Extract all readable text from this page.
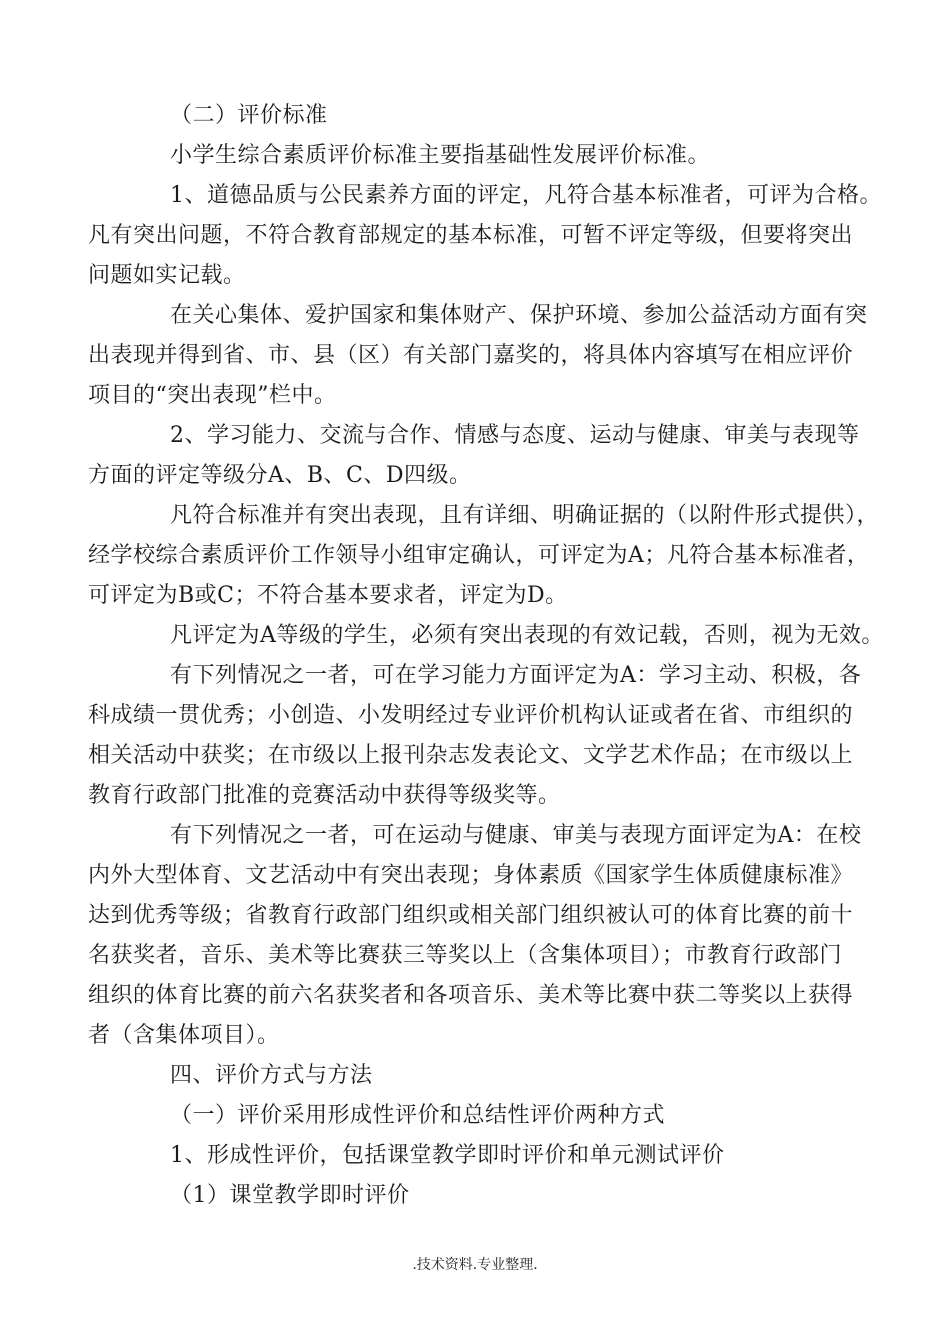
（二）评价标准

小学生综合素质评价标准主要指基础性发展评价标准。

1、道德品质与公民素养方面的评定，凡符合基本标准者，可评为合格。

凡有突出问题，不符合教育部规定的基本标准，可暂不评定等级，但要将突出

问题如实记载。

在关心集体、爱护国家和集体财产、保护环境、参加公益活动方面有突

出表现并得到省、市、县（区）有关部门嘉奖的，将具体内容填写在相应评价

项目的“突出表现”栏中。

2、学习能力、交流与合作、情感与态度、运动与健康、审美与表现等

方面的评定等级分A、B、C、D四级。

凡符合标准并有突出表现，且有详细、明确证据的（以附件形式提供），

经学校综合素质评价工作领导小组审定确认，可评定为A；凡符合基本标准者，

可评定为B或C；不符合基本要求者，评定为D。

凡评定为A等级的学生，必须有突出表现的有效记载，否则，视为无效。

有下列情况之一者，可在学习能力方面评定为A：学习主动、积极，各

科成绩一贯优秀；小创造、小发明经过专业评价机构认证或者在省、市组织的

相关活动中获奖；在市级以上报刊杂志发表论文、文学艺术作品；在市级以上

教育行政部门批准的竞赛活动中获得等级奖等。

有下列情况之一者，可在运动与健康、审美与表现方面评定为A：在校

内外大型体育、文艺活动中有突出表现；身体素质《国家学生体质健康标准》

达到优秀等级；省教育行政部门组织或相关部门组织被认可的体育比赛的前十

名获奖者，音乐、美术等比赛获三等奖以上（含集体项目）；市教育行政部门

组织的体育比赛的前六名获奖者和各项音乐、美术等比赛中获二等奖以上获得

者（含集体项目）。

四、评价方式与方法

（一）评价采用形成性评价和总结性评价两种方式

1、形成性评价，包括课堂教学即时评价和单元测试评价

（1）课堂教学即时评价

.技术资料.专业整理.
